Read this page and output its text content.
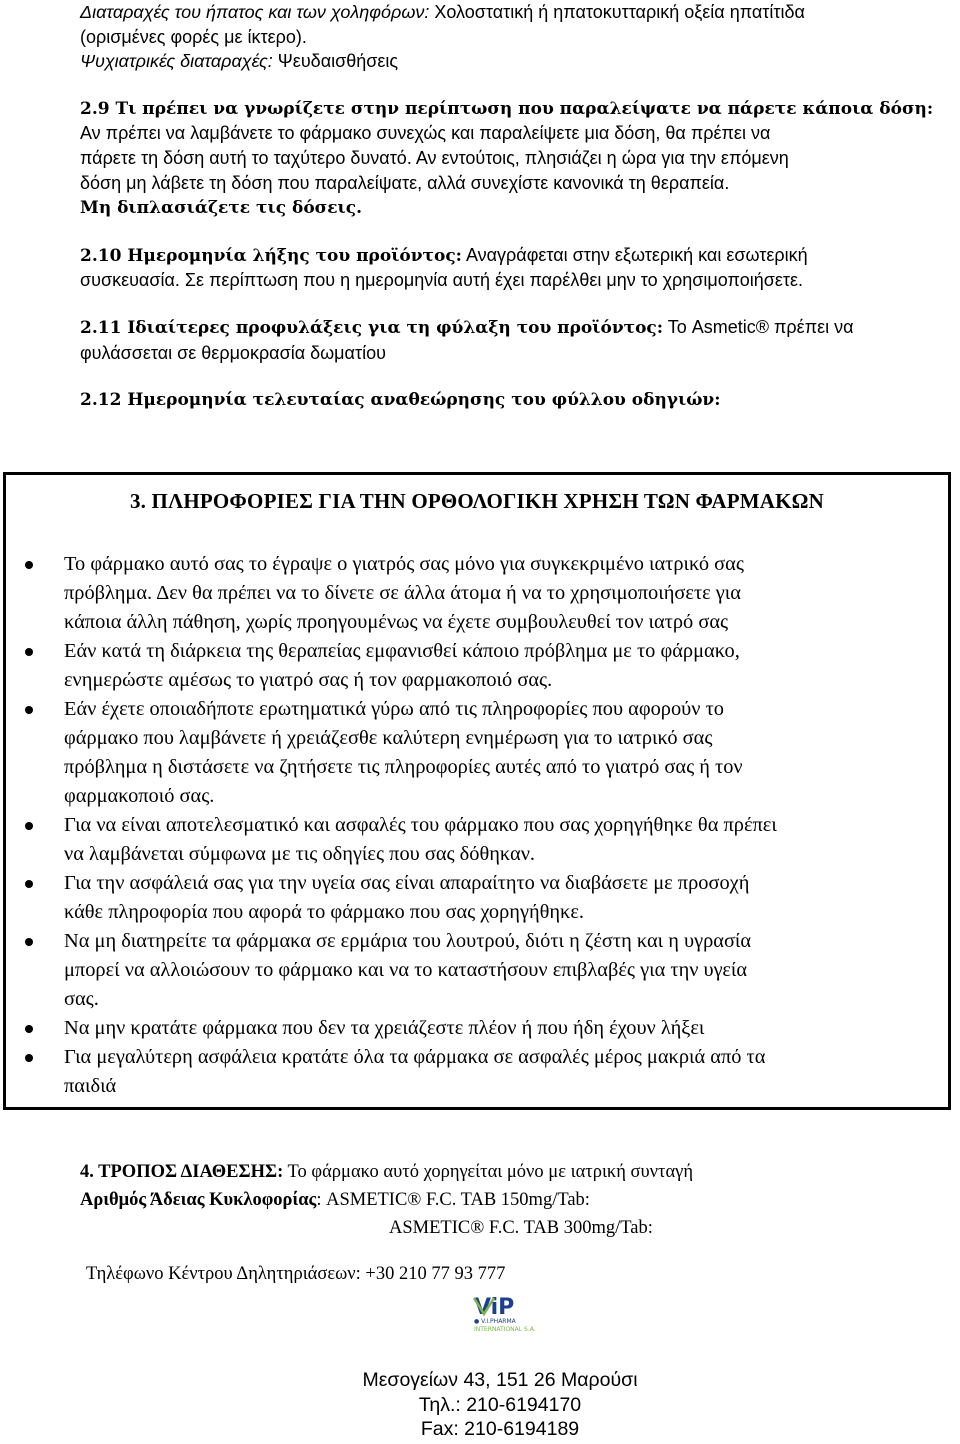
Διαταραχές του ήπατος και των χοληφόρων: Χολοστατική ή ηπατοκυτταρική οξεία ηπατίτιδα

(ορισμένες φορές με ίκτερο).

Ψυχιατρικές διαταραχές: Ψευδαισθήσεις

2.9 Τι πρέπει να γνωρίζετε στην περίπτωση που παραλείψατε να πάρετε κάποια δόση:

Αν πρέπει να λαμβάνετε το φάρμακο συνεχώς και παραλείψετε μια δόση, θα πρέπει να

πάρετε τη δόση αυτή το ταχύτερο δυνατό. Αν εντούτοις, πλησιάζει η ώρα για την επόμενη

δόση μη λάβετε τη δόση που παραλείψατε, αλλά συνεχίστε κανονικά τη θεραπεία.

Μη διπλασιάζετε τις δόσεις.

2.10 Ημερομηνία λήξης του προϊόντος: Αναγράφεται στην εξωτερική και εσωτερική

συσκευασία. Σε περίπτωση που η ημερομηνία αυτή έχει παρέλθει μην το χρησιμοποιήσετε.

2.11 Ιδιαίτερες προφυλάξεις για τη φύλαξη του προϊόντος: Το Asmetic® πρέπει να

φυλάσσεται σε θερμοκρασία δωματίου

2.12 Ημερομηνία τελευταίας αναθεώρησης του φύλλου οδηγιών:

3. ΠΛΗΡΟΦΟΡΙΕΣ ΓΙΑ ΤΗΝ ΟΡΘΟΛΟΓΙΚΗ ΧΡΗΣΗ ΤΩΝ ΦΑΡΜΑΚΩΝ
Το φάρμακο αυτό σας το έγραψε ο γιατρός σας μόνο για συγκεκριμένο ιατρικό σας
πρόβλημα. Δεν θα πρέπει να το δίνετε σε άλλα άτομα ή να το χρησιμοποιήσετε για
κάποια άλλη πάθηση, χωρίς προηγουμένως να έχετε συμβουλευθεί τον ιατρό σας
Εάν κατά τη διάρκεια της θεραπείας εμφανισθεί κάποιο πρόβλημα με το φάρμακο,
ενημερώστε αμέσως το γιατρό σας ή τον φαρμακοποιό σας.
Εάν έχετε οποιαδήποτε ερωτηματικά γύρω από τις πληροφορίες που αφορούν το
φάρμακο που λαμβάνετε ή χρειάζεσθε καλύτερη ενημέρωση για το ιατρικό σας
πρόβλημα η διστάσετε να ζητήσετε τις πληροφορίες αυτές από το γιατρό σας ή τον
φαρμακοποιό σας.
Για να είναι αποτελεσματικό και ασφαλές του φάρμακο που σας χορηγήθηκε θα πρέπει
να λαμβάνεται σύμφωνα με τις οδηγίες που σας δόθηκαν.
Για την ασφάλειά σας για την υγεία σας είναι απαραίτητο να διαβάσετε με προσοχή
κάθε πληροφορία που αφορά το φάρμακο που σας χορηγήθηκε.
Να μη διατηρείτε τα φάρμακα σε ερμάρια του λουτρού, διότι η ζέστη και η υγρασία
μπορεί να αλλοιώσουν το φάρμακο και να το καταστήσουν επιβλαβές για την υγεία
σας.
Να μην κρατάτε φάρμακα που δεν τα χρειάζεστε πλέον ή που ήδη έχουν λήξει
Για μεγαλύτερη ασφάλεια κρατάτε όλα τα φάρμακα σε ασφαλές μέρος μακριά από τα
παιδιά

4. ΤΡΟΠΟΣ ΔΙΑΘΕΣΗΣ: Το φάρμακο αυτό χορηγείται μόνο με ιατρική συνταγή

Αριθμός Άδειας Κυκλοφορίας: ASMETIC® F.C. TAB 150mg/Tab:

ASMETIC® F.C. TAB 300mg/Tab:

Τηλέφωνο Κέντρου Δηλητηριάσεων: +30 210 77 93 777
ViP
● V.I.PHARMA
INTERNATIONAL S.A.
Μεσογείων 43, 151 26 Μαρούσι
Τηλ.: 210-6194170
Fax: 210-6194189
